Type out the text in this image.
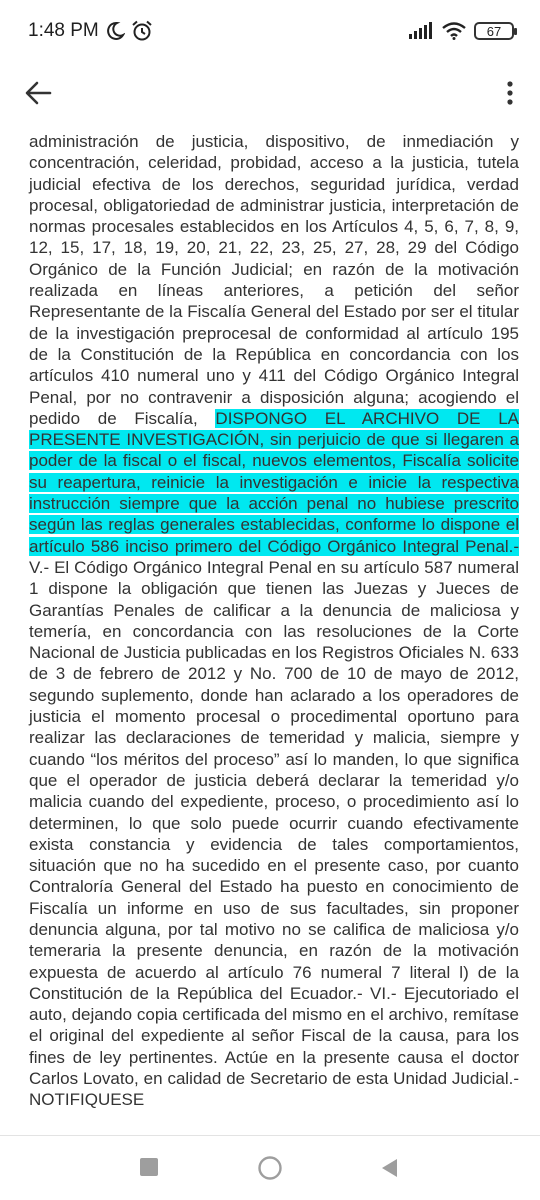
1:48 PM	67

administración de justicia, dispositivo, de inmediación y concentración, celeridad, probidad, acceso a la justicia, tutela judicial efectiva de los derechos, seguridad jurídica, verdad procesal, obligatoriedad de administrar justicia, interpretación de normas procesales establecidos en los Artículos 4, 5, 6, 7, 8, 9, 12, 15, 17, 18, 19, 20, 21, 22, 23, 25, 27, 28, 29 del Código Orgánico de la Función Judicial; en razón de la motivación realizada en líneas anteriores, a petición del señor Representante de la Fiscalía General del Estado por ser el titular de la investigación preprocesal de conformidad al artículo 195 de la Constitución de la República en concordancia con los artículos 410 numeral uno y 411 del Código Orgánico Integral Penal, por no contravenir a disposición alguna; acogiendo el pedido de Fiscalía, DISPONGO EL ARCHIVO DE LA PRESENTE INVESTIGACIÓN, sin perjuicio de que si llegaren a poder de la fiscal o el fiscal, nuevos elementos, Fiscalía solicite su reapertura, reinicie la investigación e inicie la respectiva instrucción siempre que la acción penal no hubiese prescrito según las reglas generales establecidas, conforme lo dispone el artículo 586 inciso primero del Código Orgánico Integral Penal.- V.- El Código Orgánico Integral Penal en su artículo 587 numeral 1 dispone la obligación que tienen las Juezas y Jueces de Garantías Penales de calificar a la denuncia de maliciosa y temería, en concordancia con las resoluciones de la Corte Nacional de Justicia publicadas en los Registros Oficiales N. 633 de 3 de febrero de 2012 y No. 700 de 10 de mayo de 2012, segundo suplemento, donde han aclarado a los operadores de justicia el momento procesal o procedimental oportuno para realizar las declaraciones de temeridad y malicia, siempre y cuando “los méritos del proceso” así lo manden, lo que significa que el operador de justicia deberá declarar la temeridad y/o malicia cuando del expediente, proceso, o procedimiento así lo determinen, lo que solo puede ocurrir cuando efectivamente exista constancia y evidencia de tales comportamientos, situación que no ha sucedido en el presente caso, por cuanto Contraloría General del Estado ha puesto en conocimiento de Fiscalía un informe en uso de sus facultades, sin proponer denuncia alguna, por tal motivo no se califica de maliciosa y/o temeraria la presente denuncia, en razón de la motivación expuesta de acuerdo al artículo 76 numeral 7 literal l) de la Constitución de la República del Ecuador.- VI.- Ejecutoriado el auto, dejando copia certificada del mismo en el archivo, remítase el original del expediente al señor Fiscal de la causa, para los fines de ley pertinentes. Actúe en la presente causa el doctor Carlos Lovato, en calidad de Secretario de esta Unidad Judicial.- NOTIFIQUESE
